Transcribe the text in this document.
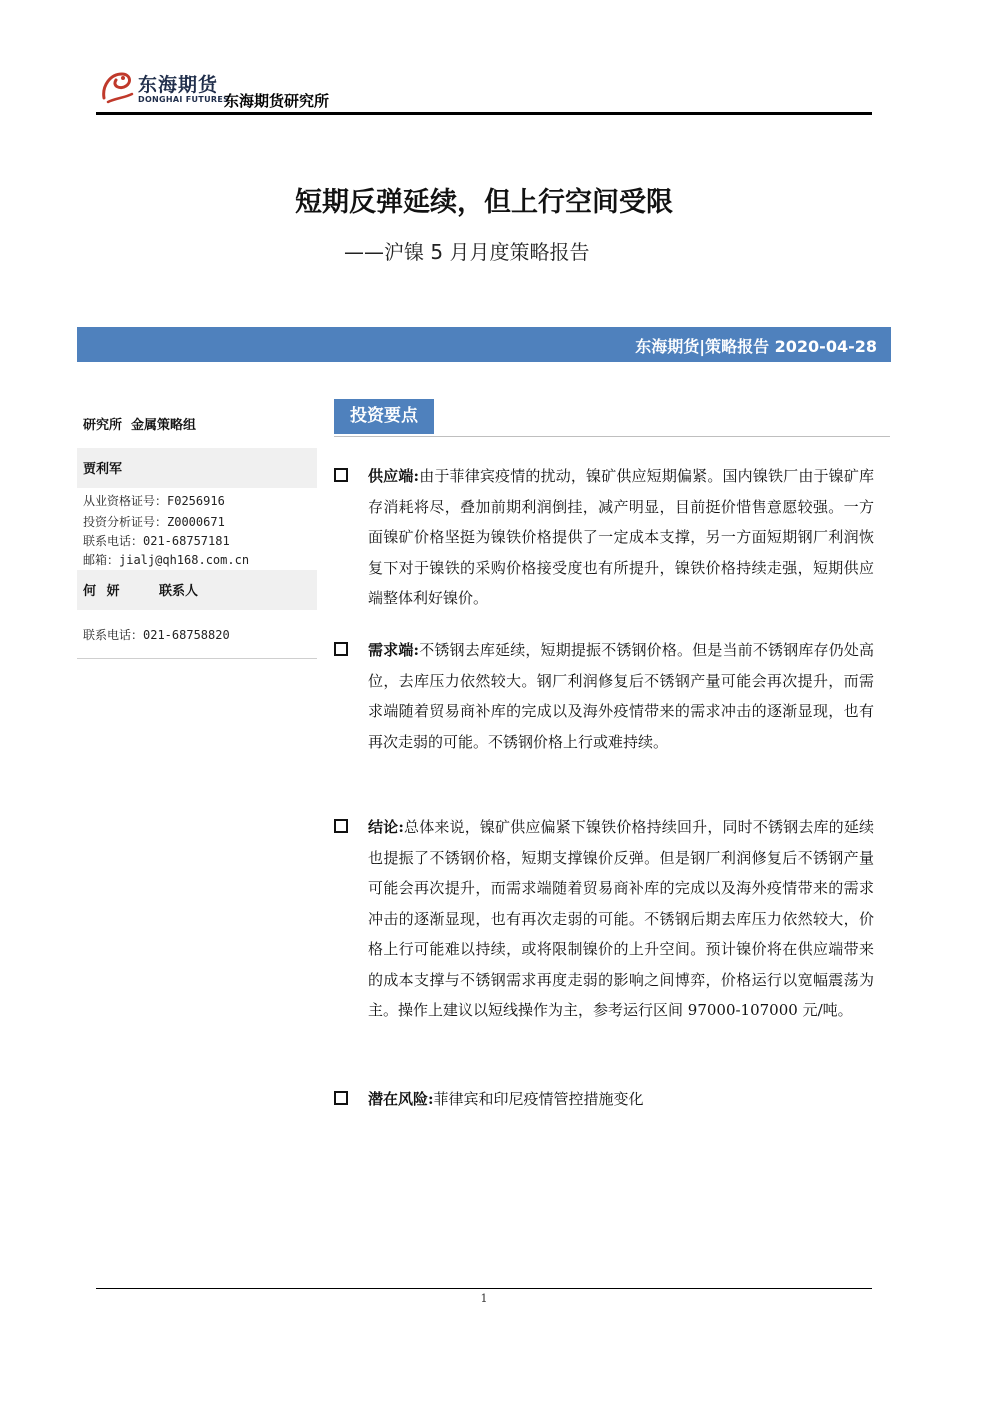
东海期货
DONGHAI FUTURES
东海期货研究所
短期反弹延续，但上行空间受限
——沪镍 5 月月度策略报告
东海期货|策略报告 2020-04-28
研究所  金属策略组
贾利军
从业资格证号：F0256916
投资分析证号：Z0000671
联系电话：021-68757181
邮箱：jialj@qh168.com.cn
何 妍	联系人
联系电话：021-68758820
投资要点
供应端:由于菲律宾疫情的扰动，镍矿供应短期偏紧。国内镍铁厂由于镍矿库存消耗将尽，叠加前期利润倒挂，减产明显，目前挺价惜售意愿较强。一方面镍矿价格坚挺为镍铁价格提供了一定成本支撑，另一方面短期钢厂利润恢复下对于镍铁的采购价格接受度也有所提升，镍铁价格持续走强，短期供应端整体利好镍价。
需求端:不锈钢去库延续，短期提振不锈钢价格。但是当前不锈钢库存仍处高位，去库压力依然较大。钢厂利润修复后不锈钢产量可能会再次提升，而需求端随着贸易商补库的完成以及海外疫情带来的需求冲击的逐渐显现，也有再次走弱的可能。不锈钢价格上行或难持续。
结论:总体来说，镍矿供应偏紧下镍铁价格持续回升，同时不锈钢去库的延续也提振了不锈钢价格，短期支撑镍价反弹。但是钢厂利润修复后不锈钢产量可能会再次提升，而需求端随着贸易商补库的完成以及海外疫情带来的需求冲击的逐渐显现，也有再次走弱的可能。不锈钢后期去库压力依然较大，价格上行可能难以持续，或将限制镍价的上升空间。预计镍价将在供应端带来的成本支撑与不锈钢需求再度走弱的影响之间博弈，价格运行以宽幅震荡为主。操作上建议以短线操作为主，参考运行区间 97000-107000 元/吨。
潜在风险:菲律宾和印尼疫情管控措施变化
1
